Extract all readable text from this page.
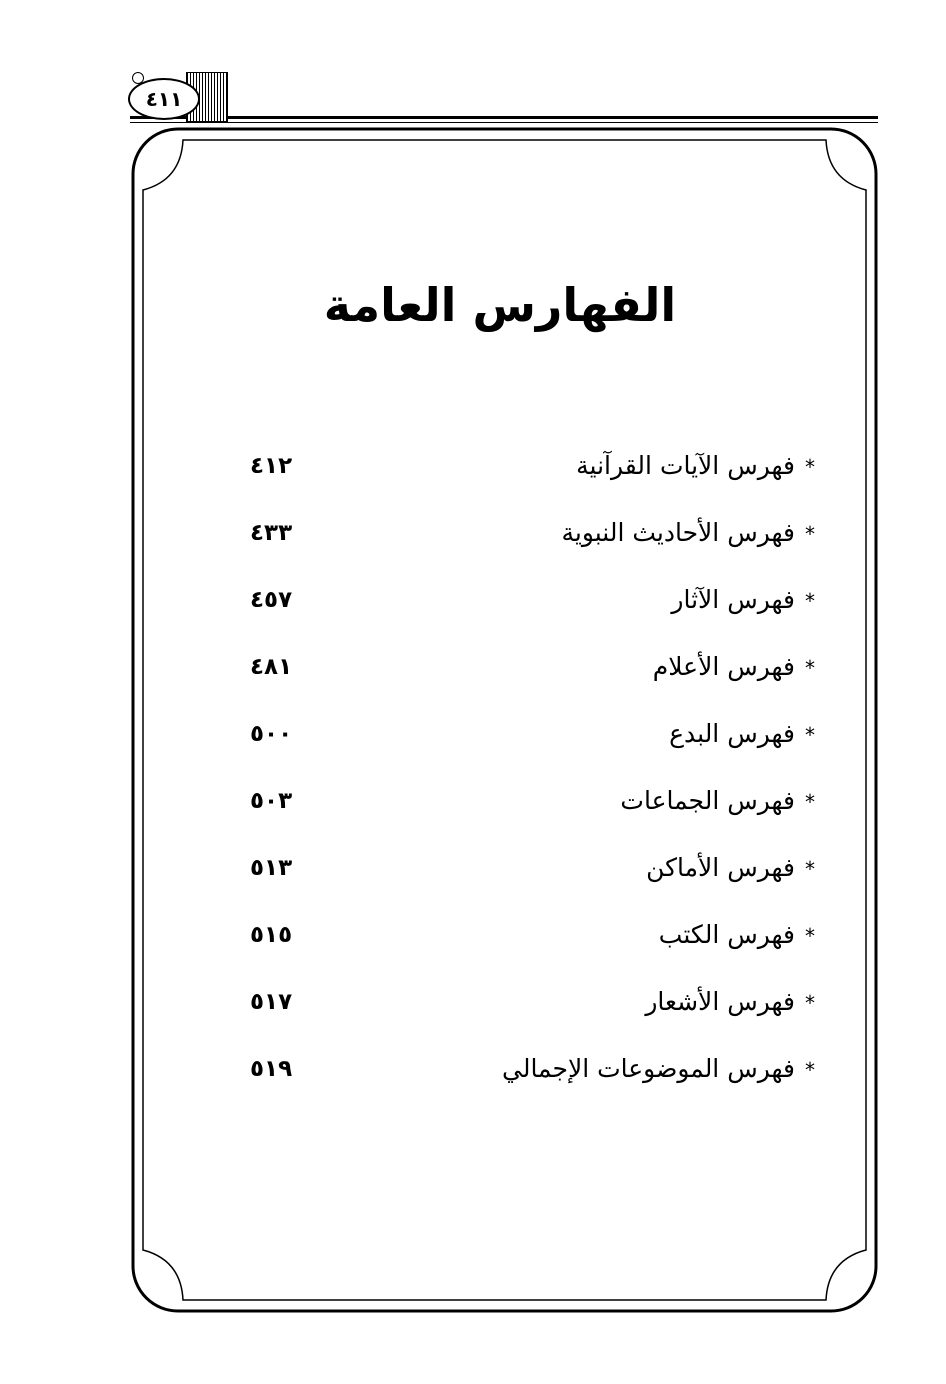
٤١١
الفهارس العامة
*فهرس الآيات القرآنية
٤١٢
*فهرس الأحاديث النبوية
٤٣٣
*فهرس الآثار
٤٥٧
*فهرس الأعلام
٤٨١
*فهرس البدع
٥٠٠
*فهرس الجماعات
٥٠٣
*فهرس الأماكن
٥١٣
*فهرس الكتب
٥١٥
*فهرس الأشعار
٥١٧
*فهرس الموضوعات الإجمالي
٥١٩
